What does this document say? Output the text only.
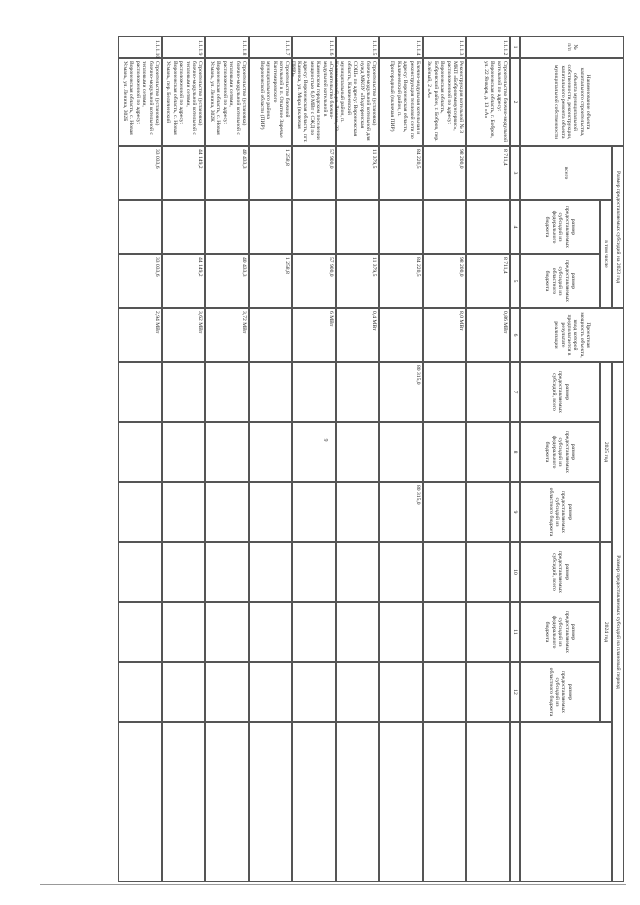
9
№
п/п
Наименование объекта капитального строительства, объекта муниципальной собственности, реконструкции, капитального ремонта объекта муниципальной собственности
Размер предоставляемых субсидий на 2023 год
всего
в том числе
размер предоставляемых субсидий из федерального бюджета
размер предоставляемых субсидий из областного бюджета
Проектная мощность объекта, ввод которой предполагается в результате реализации
Размер предоставляемых субсидий на плановый период
2025 год
2024 год
размер предоставляемых субсидий, всего
размер предоставляемых субсидий из федерального бюджета
размер предоставляемых субсидий из областного бюджета
размер предоставляемых субсидий, всего
размер предоставляемых субсидий из федерального бюджета
размер предоставляемых субсидий из областного бюджета
1
2
3
4
5
6
7
8
9
10
11
12
1.1.1.2
Строительство блочно-модульной котельной по адресу: Воронежская область, г. Бобров, ул. 22 Января, д. 13 «А»
8 711,4
8 711,4
0,86 МВт
1.1.1.3
Реконструкция котельной № 3 МКП «Бобровоммунсервис», расположенной по адресу: Воронежская область, Бобровский район, г. Бобров, пер. Зелёный, 2 «А»
98 200,0
98 200,0
8,0 МВт
1.1.1.4
Блочно-модульная котельная и реконструкция тепловой сети по адресу: Воронежская область, Калачеевский район, п. Пригородный (включая ПИР)
84 220,5
84 220,5
80 315,0
80 315,0
1.1.1.5
Строительство (установка) блочно-модульной котельной для нужд МКОУ «Подгоренская СОШ» по адресу: Воронежская область, Калачеевский муниципальный район, п. Калачеевский, ул. Ленина, 23
11 379,5
11 379,5
0,4 МВт
1.1.1.6
«Строительство блочно-модульной котельной в Каменском городском поселении мощностью 6,0 МВт с СЖД по адресу: Воронежская область, пгт. Каменка, ул. Мира (включая ПИР)»
57 900,0
57 900,0
6 МВт
1.1.1.7
Строительство блочной котельной в п. Опытное Заречье Кантемировского муниципального района Воронежской области (ПИР)
1 258,8
1 258,8
1.1.1.8
Строительство (установка) блочно-модульной котельной с тепловыми сетями, расположенной по адресу: Воронежская область, с. Новая Усмань, ул. Ленина, 302К
40 433,3
40 433,3
3,72 МВт
1.1.1.9
Строительство (установка) блочно-модульной котельной с тепловыми сетями, расположенной по адресу: Воронежская область, с. Новая Усмань, пер. Беличенский
44 149,2
44 149,2
3,62 МВт
1.1.1.10
Строительство (установка) блочно-модульной котельной с тепловыми сетями, расположенной по адресу: Воронежская область, с. Новая Усмань, ул. Ленина, 302Б
33 033,6
33 033,6
2,94 МВт
